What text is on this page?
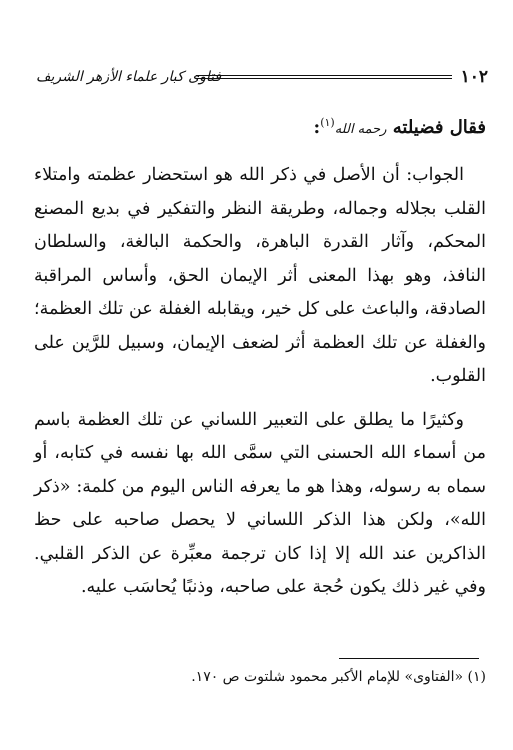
١٠٢
فتاوى كبار علماء الأزهر الشريف

فقال فضيلته رحمه الله$^{(١)}$:

الجواب: أن الأصل في ذكر الله هو استحضار عظمته وامتلاء القلب بجلاله وجماله، وطريقة النظر والتفكير في بديع المصنع المحكم، وآثار القدرة الباهرة، والحكمة البالغة، والسلطان النافذ، وهو بهذا المعنى أثر الإيمان الحق، وأساس المراقبة الصادقة، والباعث على كل خير، ويقابله الغفلة عن تلك العظمة؛ والغفلة عن تلك العظمة أثر لضعف الإيمان، وسبيل للرَّين على القلوب.

وكثيرًا ما يطلق على التعبير اللساني عن تلك العظمة باسم من أسماء الله الحسنى التي سمَّى الله بها نفسه في كتابه، أو سماه به رسوله، وهذا هو ما يعرفه الناس اليوم من كلمة: «ذكر الله»، ولكن هذا الذكر اللساني لا يحصل صاحبه على حظ الذاكرين عند الله إلا إذا كان ترجمة معبِّرة عن الذكر القلبي. وفي غير ذلك يكون حُجة على صاحبه، وذنبًا يُحاسَب عليه.

(١) «الفتاوى» للإمام الأكبر محمود شلتوت ص ١٧٠.
